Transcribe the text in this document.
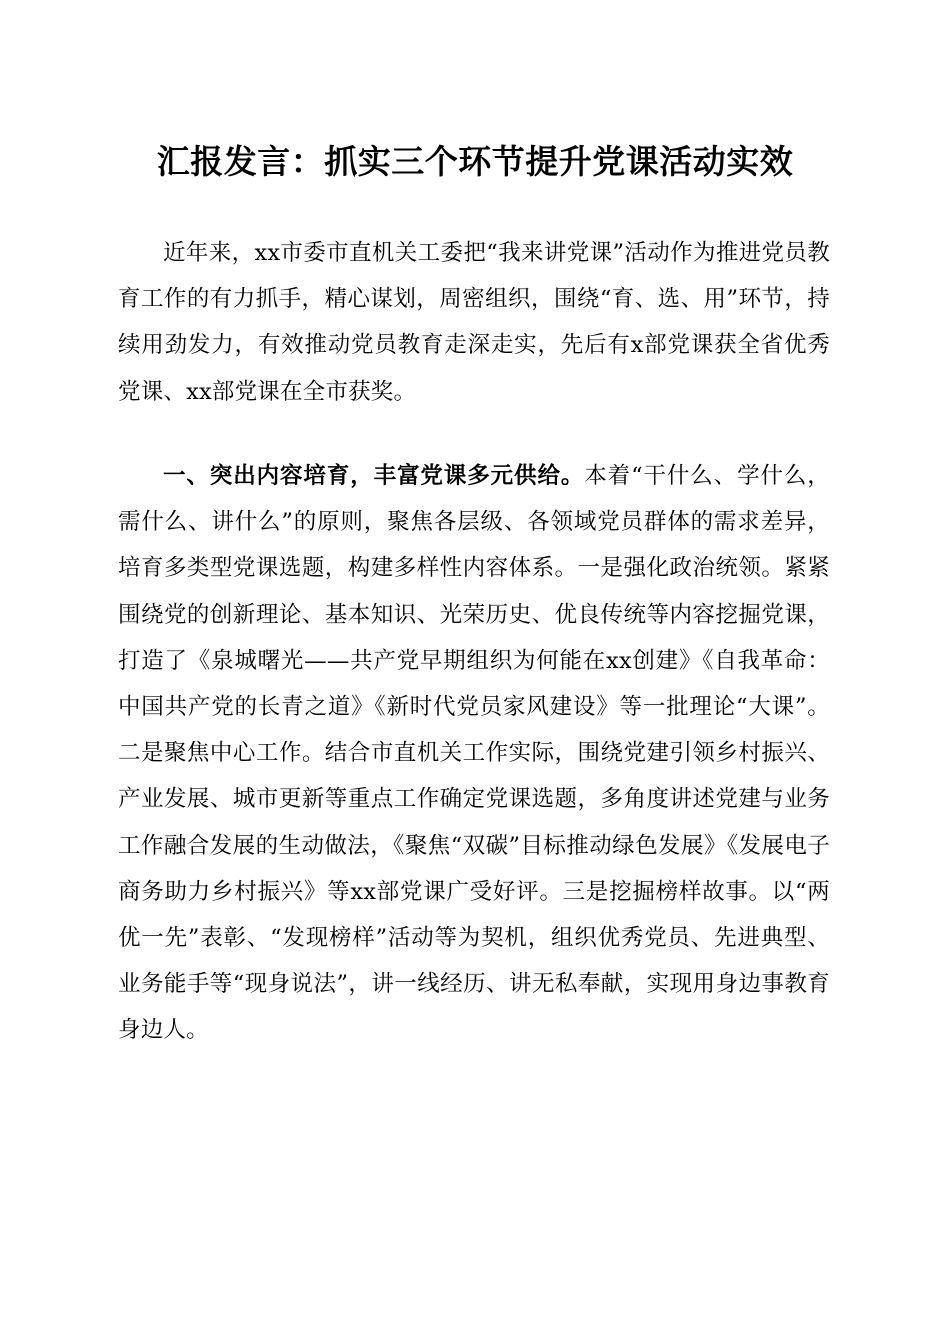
汇报发言：抓实三个环节提升党课活动实效

近年来，xx市委市直机关工委把“我来讲党课”活动作为推进党员教育工作的有力抓手，精心谋划，周密组织，围绕“育、选、用”环节，持续用劲发力，有效推动党员教育走深走实，先后有x部党课获全省优秀党课、xx部党课在全市获奖。

一、突出内容培育，丰富党课多元供给。本着“干什么、学什么，需什么、讲什么”的原则，聚焦各层级、各领域党员群体的需求差异，培育多类型党课选题，构建多样性内容体系。一是强化政治统领。紧紧围绕党的创新理论、基本知识、光荣历史、优良传统等内容挖掘党课，打造了《泉城曙光——共产党早期组织为何能在xx创建》《自我革命：中国共产党的长青之道》《新时代党员家风建设》等一批理论“大课”。二是聚焦中心工作。结合市直机关工作实际，围绕党建引领乡村振兴、产业发展、城市更新等重点工作确定党课选题，多角度讲述党建与业务工作融合发展的生动做法，《聚焦“双碳”目标推动绿色发展》《发展电子商务助力乡村振兴》等xx部党课广受好评。三是挖掘榜样故事。以“两优一先”表彰、“发现榜样”活动等为契机，组织优秀党员、先进典型、业务能手等“现身说法”，讲一线经历、讲无私奉献，实现用身边事教育身边人。
